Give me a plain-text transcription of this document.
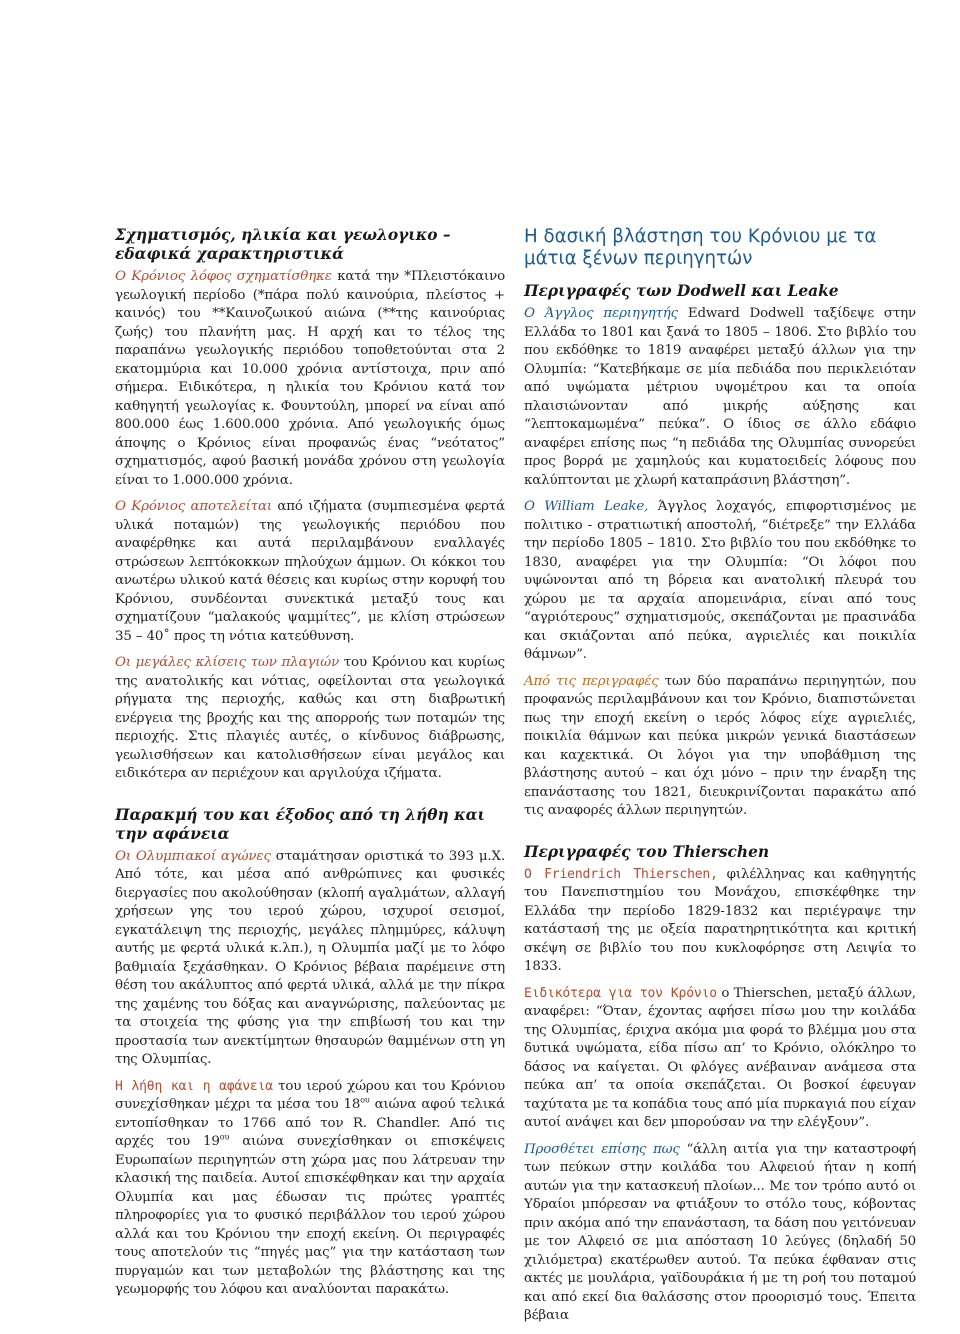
Σχηματισμός, ηλικία και γεωλογικο – εδαφικά χαρακτηριστικά

Ο Κρόνιος λόφος σχηματίσθηκε κατά την *Πλειστόκαινο γεωλογική περίοδο (*πάρα πολύ καινούρια, πλείστος + καινός) του **Καινοζωικού αιώνα (**της καινούριας ζωής) του πλανήτη μας. Η αρχή και το τέλος της παραπάνω γεωλογικής περιόδου τοποθετούνται στα 2 εκατομμύρια και 10.000 χρόνια αντίστοιχα, πριν από σήμερα. Ειδικότερα, η ηλικία του Κρόνιου κατά τον καθηγητή γεωλογίας κ. Φουντούλη, μπορεί να είναι από 800.000 έως 1.600.000 χρόνια. Από γεωλογικής όμως άποψης ο Κρόνιος είναι προφανώς ένας “νεότατος” σχηματισμός, αφού βασική μονάδα χρόνου στη γεωλογία είναι το 1.000.000 χρόνια.

Ο Κρόνιος αποτελείται από ιζήματα (συμπιεσμένα φερτά υλικά ποταμών) της γεωλογικής περιόδου που αναφέρθηκε και αυτά περιλαμβάνουν εναλλαγές στρώσεων λεπτόκοκκων πηλούχων άμμων. Οι κόκκοι του ανωτέρω υλικού κατά θέσεις και κυρίως στην κορυφή του Κρόνιου, συνδέονται συνεκτικά μεταξύ τους και σχηματίζουν “μαλακούς ψαμμίτες”, με κλίση στρώσεων 35 – 40˚ προς τη νότια κατεύθυνση.

Οι μεγάλες κλίσεις των πλαγιών του Κρόνιου και κυρίως της ανατολικής και νότιας, οφείλονται στα γεωλογικά ρήγματα της περιοχής, καθώς και στη διαβρωτική ενέργεια της βροχής και της απορροής των ποταμών της περιοχής. Στις πλαγιές αυτές, ο κίνδυνος διάβρωσης, γεωλισθήσεων και κατολισθήσεων είναι μεγάλος και ειδικότερα αν περιέχουν και αργιλούχα ιζήματα.

Παρακμή του και έξοδος από τη λήθη και την αφάνεια

Οι Ολυμπιακοί αγώνες σταμάτησαν οριστικά το 393 μ.Χ. Από τότε, και μέσα από ανθρώπινες και φυσικές διεργασίες που ακολούθησαν (κλοπή αγαλμάτων, αλλαγή χρήσεων γης του ιερού χώρου, ισχυροί σεισμοί, εγκατάλειψη της περιοχής, μεγάλες πλημμύρες, κάλυψη αυτής με φερτά υλικά κ.λπ.), η Ολυμπία μαζί με το λόφο βαθμιαία ξεχάσθηκαν. Ο Κρόνιος βέβαια παρέμεινε στη θέση του ακάλυπτος από φερτά υλικά, αλλά με την πίκρα της χαμένης του δόξας και αναγνώρισης, παλεύοντας με τα στοιχεία της φύσης για την επιβίωσή του και την προστασία των ανεκτίμητων θησαυρών θαμμένων στη γη της Ολυμπίας.

Η λήθη και η αφάνεια του ιερού χώρου και του Κρόνιου συνεχίσθηκαν μέχρι τα μέσα του $18^{o\upsilon}$ αιώνα αφού τελικά εντοπίσθηκαν το 1766 από τον R. Chandler. Από τις αρχές του $19^{o\upsilon}$ αιώνα συνεχίσθηκαν οι επισκέψεις Ευρωπαίων περιηγητών στη χώρα μας που λάτρευαν την κλασική της παιδεία. Αυτοί επισκέφθηκαν και την αρχαία Ολυμπία και μας έδωσαν τις πρώτες γραπτές πληροφορίες για το φυσικό περιβάλλον του ιερού χώρου αλλά και του Κρόνιου την εποχή εκείνη. Οι περιγραφές τους αποτελούν τις “πηγές μας” για την κατάσταση των πυργαμών και των μεταβολών της βλάστησης και της γεωμορφής του λόφου και αναλύονται παρακάτω.

Η δασική βλάστηση του Κρόνιου με τα μάτια ξένων περιηγητών
Περιγραφές των Dodwell και Leake

Ο Άγγλος περιηγητής Edward Dodwell ταξίδεψε στην Ελλάδα το 1801 και ξανά το 1805 – 1806. Στο βιβλίο του που εκδόθηκε το 1819 αναφέρει μεταξύ άλλων για την Ολυμπία: “Κατεβήκαμε σε μία πεδιάδα που περικλειόταν από υψώματα μέτριου υψομέτρου και τα οποία πλαισιώνονταν από μικρής αύξησης και “λεπτοκαμωμένα” πεύκα”. Ο ίδιος σε άλλο εδάφιο αναφέρει επίσης πως “η πεδιάδα της Ολυμπίας συνορεύει προς βορρά με χαμηλούς και κυματοειδείς λόφους που καλύπτονται με χλωρή καταπράσινη βλάστηση”.

Ο William Leake, Άγγλος λοχαγός, επιφορτισμένος με πολιτικο - στρατιωτική αποστολή, “διέτρεξε” την Ελλάδα την περίοδο 1805 – 1810. Στο βιβλίο του που εκδόθηκε το 1830, αναφέρει για την Ολυμπία: “Οι λόφοι που υψώνονται από τη βόρεια και ανατολική πλευρά του χώρου με τα αρχαία απομεινάρια, είναι από τους “αγριότερους” σχηματισμούς, σκεπάζονται με πρασινάδα και σκιάζονται από πεύκα, αγριελιές και ποικιλία θάμνων”.

Από τις περιγραφές των δύο παραπάνω περιηγητών, που προφανώς περιλαμβάνουν και τον Κρόνιο, διαπιστώνεται πως την εποχή εκείνη ο ιερός λόφος είχε αγριελιές, ποικιλία θάμνων και πεύκα μικρών γενικά διαστάσεων και καχεκτικά. Οι λόγοι για την υποβάθμιση της βλάστησης αυτού – και όχι μόνο – πριν την έναρξη της επανάστασης του 1821, διευκρινίζονται παρακάτω από τις αναφορές άλλων περιηγητών.

Περιγραφές του Thierschen

Ο Friendrich Thierschen, φιλέλληνας και καθηγητής του Πανεπιστημίου του Μονάχου, επισκέφθηκε την Ελλάδα την περίοδο 1829-1832 και περιέγραψε την κατάστασή της με οξεία παρατηρητικότητα και κριτική σκέψη σε βιβλίο του που κυκλοφόρησε στη Λειψία το 1833.

Ειδικότερα για τον Κρόνιο ο Thierschen, μεταξύ άλλων, αναφέρει: “Όταν, έχοντας αφήσει πίσω μου την κοιλάδα της Ολυμπίας, έριχνα ακόμα μια φορά το βλέμμα μου στα δυτικά υψώματα, είδα πίσω απ’ το Κρόνιο, ολόκληρο το δάσος να καίγεται. Οι φλόγες ανέβαιναν ανάμεσα στα πεύκα απ’ τα οποία σκεπάζεται. Οι βοσκοί έφευγαν ταχύτατα με τα κοπάδια τους από μία πυρκαγιά που είχαν αυτοί ανάψει και δεν μπορούσαν να την ελέγξουν”.

Προσθέτει επίσης πως “άλλη αιτία για την καταστροφή των πεύκων στην κοιλάδα του Αλφειού ήταν η κοπή αυτών για την κατασκευή πλοίων... Με τον τρόπο αυτό οι Υδραίοι μπόρεσαν να φτιάξουν το στόλο τους, κόβοντας πριν ακόμα από την επανάσταση, τα δάση που γειτόνευαν με τον Αλφειό σε μια απόσταση 10 λεύγες (δηλαδή 50 χιλιόμετρα) εκατέρωθεν αυτού. Τα πεύκα έφθαναν στις ακτές με μουλάρια, γαϊδουράκια ή με τη ροή του ποταμού και από εκεί δια θαλάσσης στον προορισμό τους. Έπειτα βέβαια
